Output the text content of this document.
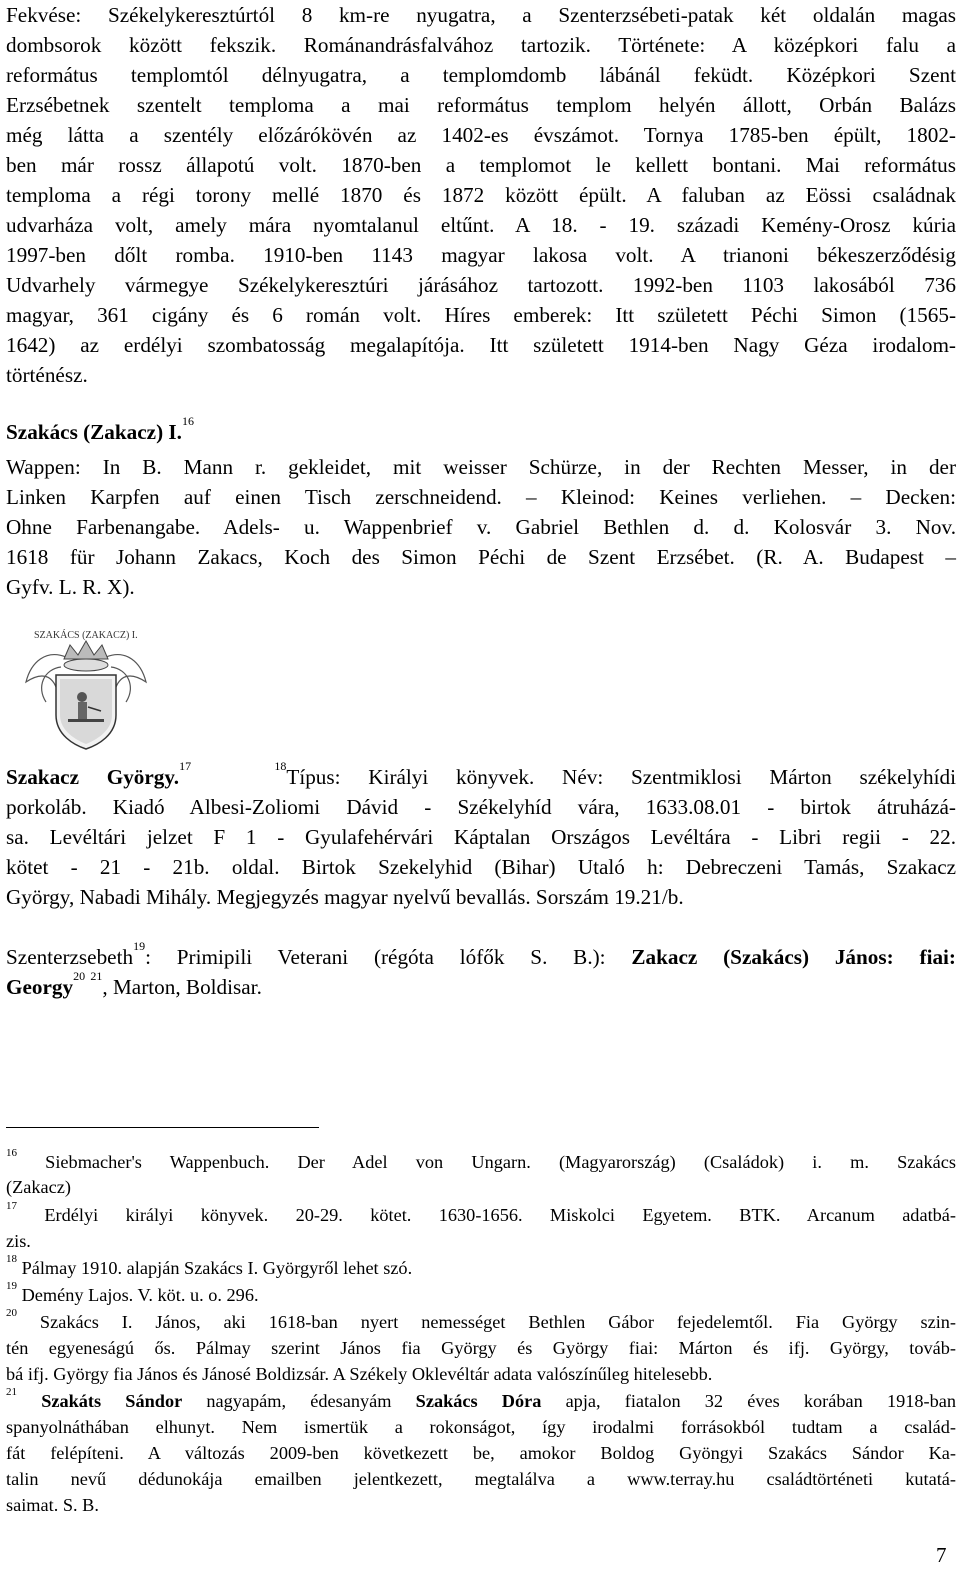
Fekvése: Székelykeresztúrtól 8 km-re nyugatra, a Szenterzsébeti-patak két oldalán magas
dombsorok között fekszik. Románandrásfalvához tartozik. Története: A középkori falu a
református templomtól délnyugatra, a templomdomb lábánál feküdt. Középkori Szent
Erzsébetnek szentelt temploma a mai református templom helyén állott, Orbán Balázs
még látta a szentély előzárókövén az 1402-es évszámot. Tornya 1785-ben épült, 1802-
ben már rossz állapotú volt. 1870-ben a templomot le kellett bontani. Mai református
temploma a régi torony mellé 1870 és 1872 között épült. A faluban az Eössi családnak
udvarháza volt, amely mára nyomtalanul eltűnt. A 18. - 19. századi Kemény-Orosz kúria
1997-ben dőlt romba. 1910-ben 1143 magyar lakosa volt. A trianoni békeszerződésig
Udvarhely vármegye Székelykeresztúri járásához tartozott. 1992-ben 1103 lakosából 736
magyar, 361 cigány és 6 román volt. Híres emberek: Itt született Péchi Simon (1565-
1642) az erdélyi szombatosság megalapítója. Itt született 1914-ben Nagy Géza irodalom-
történész.
Szakács (Zakacz) I.$^{16}$
Wappen: In B. Mann r. gekleidet, mit weisser Schürze, in der Rechten Messer, in der
Linken Karpfen auf einen Tisch zerschneidend. – Kleinod: Keines verliehen. – Decken:
Ohne Farbenangabe. Adels- u. Wappenbrief v. Gabriel Bethlen d. d. Kolosvár 3. Nov.
1618 für Johann Zakacs, Koch des Simon Péchi de Szent Erzsébet. (R. A. Budapest –
Gyfv. L. R. X).
SZAKÁCS (ZAKACZ) I.
Szakacz György.$^{17}$	$^{18}$Típus: Királyi könyvek. Név: Szentmiklosi Márton székelyhídi
porkoláb. Kiadó Albesi-Zoliomi Dávid - Székelyhíd vára, 1633.08.01 - birtok átruházá-
sa. Levéltári jelzet F 1 - Gyulafehérvári Káptalan Országos Levéltára - Libri regii - 22.
kötet - 21 - 21b. oldal. Birtok Szekelyhid (Bihar) Utaló h: Debreczeni Tamás, Szakacz
György, Nabadi Mihály. Megjegyzés magyar nyelvű bevallás. Sorszám 19.21/b.
Szenterzsebeth$^{19}$: Primipili Veterani (régóta lófők S. B.): Zakacz (Szakács) János: fiai:
Georgy$^{20}$ $^{21}$, Marton, Boldisar.
$^{16}$ Siebmacher's Wappenbuch. Der Adel von Ungarn. (Magyarország) (Családok) i. m. Szakács
(Zakacz)
$^{17}$ Erdélyi királyi könyvek. 20-29. kötet. 1630-1656. Miskolci Egyetem. BTK. Arcanum adatbá-
zis.
$^{18}$ Pálmay 1910. alapján Szakács I. Györgyről lehet szó.
$^{19}$ Demény Lajos. V. köt. u. o. 296.
$^{20}$ Szakács I. János, aki 1618-ban nyert nemességet Bethlen Gábor fejedelemtől. Fia György szin-
tén egyeneságú ős. Pálmay szerint János fia György és György fiai: Márton és ifj. György, továb-
bá ifj. György fia János és Jánosé Boldizsár. A Székely Oklevéltár adata valószínűleg hitelesebb.
$^{21}$ Szakáts Sándor nagyapám, édesanyám Szakács Dóra apja, fiatalon 32 éves korában 1918-ban
spanyolnáthában elhunyt. Nem ismertük a rokonságot, így irodalmi forrásokból tudtam a család-
fát felépíteni. A változás 2009-ben következett be, amokor Boldog Gyöngyi Szakács Sándor Ka-
talin nevű dédunokája emailben jelentkezett, megtalálva a www.terray.hu családtörténeti kutatá-
saimat. S. B.
7
